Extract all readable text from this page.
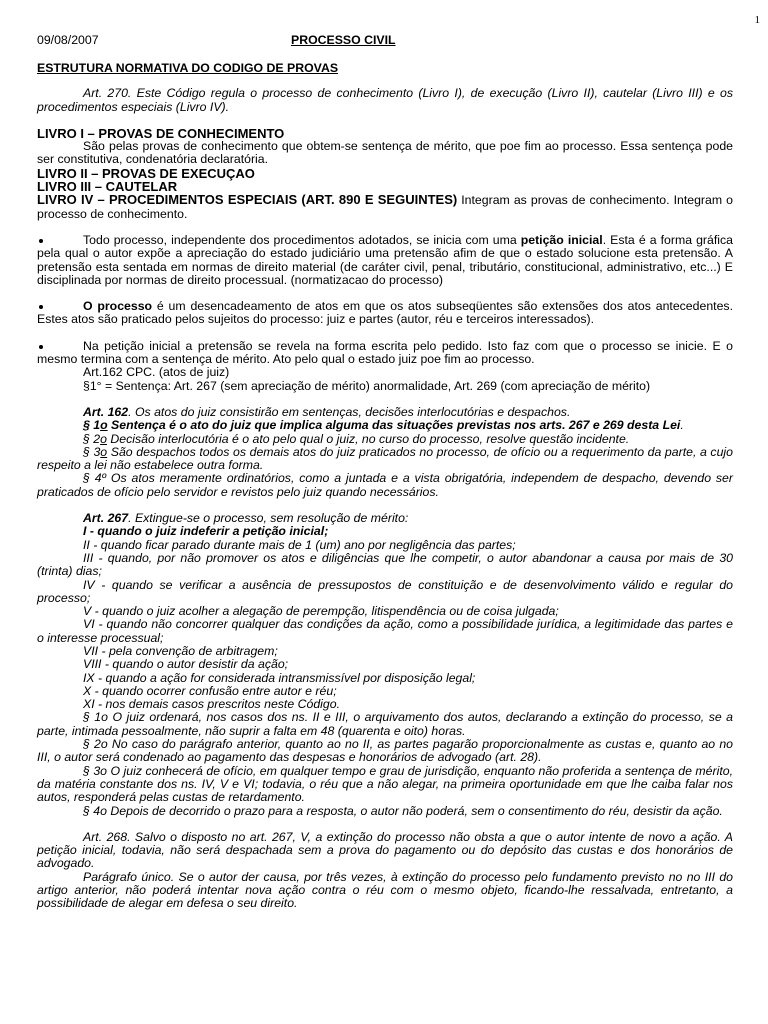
1
09/08/2007	PROCESSO CIVIL
ESTRUTURA NORMATIVA DO CODIGO DE PROVAS

Art. 270. Este Código regula o processo de conhecimento (Livro I), de execução (Livro II), cautelar (Livro III) e os procedimentos especiais (Livro IV).

LIVRO I – PROVAS DE CONHECIMENTO

São pelas provas de conhecimento que obtem-se sentença de mérito, que poe fim ao processo. Essa sentença pode ser constitutiva, condenatória declaratória.

LIVRO II – PROVAS DE EXECUÇAO

LIVRO III – CAUTELAR

LIVRO IV – PROCEDIMENTOS ESPECIAIS (ART. 890 E SEGUINTES) Integram as provas de conhecimento. Integram o processo de conhecimento.

Todo processo, independente dos procedimentos adotados, se inicia com uma petição inicial. Esta é a forma gráfica pela qual o autor expõe a apreciação do estado judiciário uma pretensão afim de que o estado solucione esta pretensão. A pretensão esta sentada em normas de direito material (de caráter civil, penal, tributário, constitucional, administrativo, etc...) E disciplinada por normas de direito processual. (normatizacao do processo)

O processo é um desencadeamento de atos em que os atos subseqüentes são extensões dos atos antecedentes. Estes atos são praticado pelos sujeitos do processo: juiz e partes (autor, réu e terceiros interessados).

Na petição inicial a pretensão se revela na forma escrita pelo pedido. Isto faz com que o processo se inicie. E o mesmo termina com a sentença de mérito. Ato pelo qual o estado juiz poe fim ao processo.

Art.162 CPC. (atos de juiz)

§1° = Sentença: Art. 267 (sem apreciação de mérito) anormalidade, Art. 269 (com apreciação de mérito)

Art. 162. Os atos do juiz consistirão em sentenças, decisões interlocutórias e despachos.

§ 1o Sentença é o ato do juiz que implica alguma das situações previstas nos arts. 267 e 269 desta Lei.

§ 2o Decisão interlocutória é o ato pelo qual o juiz, no curso do processo, resolve questão incidente.

§ 3o São despachos todos os demais atos do juiz praticados no processo, de ofício ou a requerimento da parte, a cujo respeito a lei não estabelece outra forma.

§ 4º Os atos meramente ordinatórios, como a juntada e a vista obrigatória, independem de despacho, devendo ser praticados de ofício pelo servidor e revistos pelo juiz quando necessários.

Art. 267. Extingue-se o processo, sem resolução de mérito:

I - quando o juiz indeferir a petição inicial;

II - quando ficar parado durante mais de 1 (um) ano por negligência das partes;

III - quando, por não promover os atos e diligências que lhe competir, o autor abandonar a causa por mais de 30 (trinta) dias;

IV - quando se verificar a ausência de pressupostos de constituição e de desenvolvimento válido e regular do processo;

V - quando o juiz acolher a alegação de perempção, litispendência ou de coisa julgada;

VI - quando não concorrer qualquer das condições da ação, como a possibilidade jurídica, a legitimidade das partes e o interesse processual;

VII - pela convenção de arbitragem;

VIII - quando o autor desistir da ação;

IX - quando a ação for considerada intransmissível por disposição legal;

X - quando ocorrer confusão entre autor e réu;

XI - nos demais casos prescritos neste Código.

§ 1o O juiz ordenará, nos casos dos ns. II e III, o arquivamento dos autos, declarando a extinção do processo, se a parte, intimada pessoalmente, não suprir a falta em 48 (quarenta e oito) horas.

§ 2o No caso do parágrafo anterior, quanto ao no II, as partes pagarão proporcionalmente as custas e, quanto ao no III, o autor será condenado ao pagamento das despesas e honorários de advogado (art. 28).

§ 3o O juiz conhecerá de ofício, em qualquer tempo e grau de jurisdição, enquanto não proferida a sentença de mérito, da matéria constante dos ns. IV, V e VI; todavia, o réu que a não alegar, na primeira oportunidade em que lhe caiba falar nos autos, responderá pelas custas de retardamento.

§ 4o Depois de decorrido o prazo para a resposta, o autor não poderá, sem o consentimento do réu, desistir da ação.

Art. 268. Salvo o disposto no art. 267, V, a extinção do processo não obsta a que o autor intente de novo a ação. A petição inicial, todavia, não será despachada sem a prova do pagamento ou do depósito das custas e dos honorários de advogado.

Parágrafo único. Se o autor der causa, por três vezes, à extinção do processo pelo fundamento previsto no no III do artigo anterior, não poderá intentar nova ação contra o réu com o mesmo objeto, ficando-lhe ressalvada, entretanto, a possibilidade de alegar em defesa o seu direito.
